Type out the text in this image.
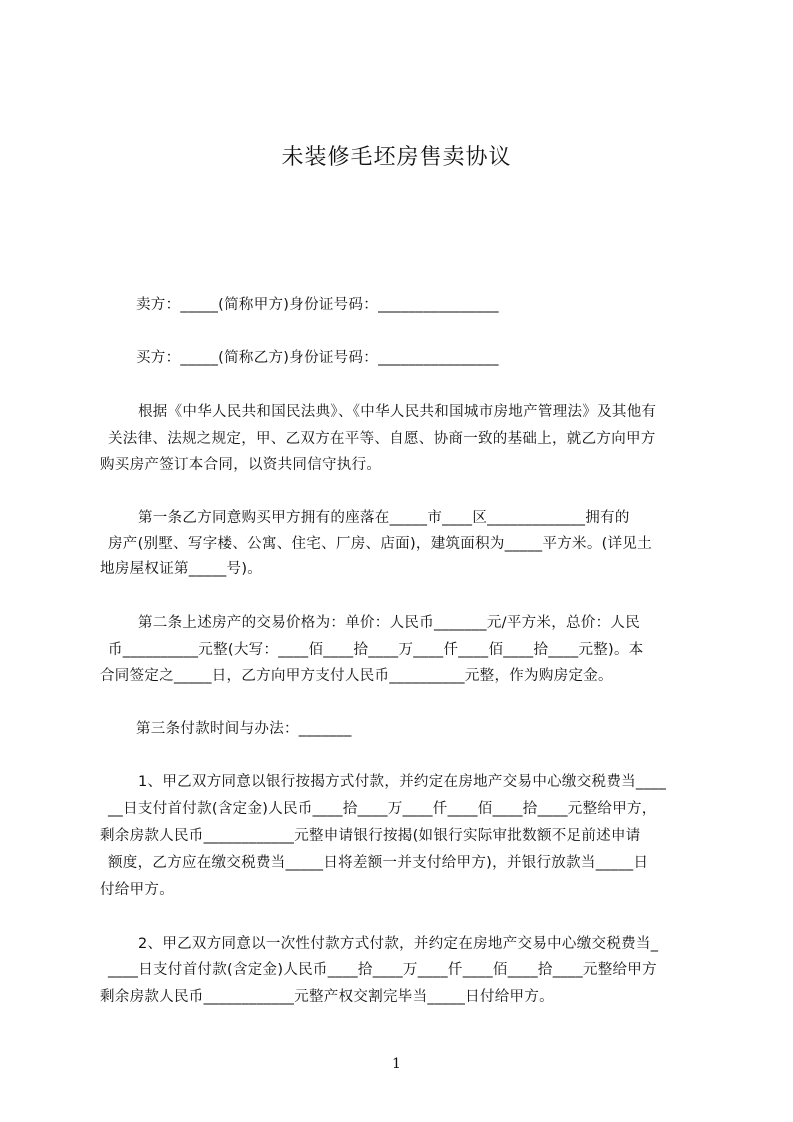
未装修毛坯房售卖协议
卖方：_____(简称甲方)身份证号码：________________
买方：_____(简称乙方)身份证号码：________________
根据《中华人民共和国民法典》、《中华人民共和国城市房地产管理法》及其他有
关法律、法规之规定，甲、乙双方在平等、自愿、协商一致的基础上，就乙方向甲方
购买房产签订本合同，以资共同信守执行。
第一条乙方同意购买甲方拥有的座落在_____市____区_____________拥有的
房产(别墅、写字楼、公寓、住宅、厂房、店面)，建筑面积为_____平方米。(详见土
地房屋权证第_____号)。
第二条上述房产的交易价格为：单价：人民币_______元/平方米，总价：人民
币__________元整(大写：____佰____拾____万____仟____佰____拾____元整)。本
合同签定之_____日，乙方向甲方支付人民币__________元整，作为购房定金。
第三条付款时间与办法：_______
1、甲乙双方同意以银行按揭方式付款，并约定在房地产交易中心缴交税费当____
__日支付首付款(含定金)人民币____拾____万____仟____佰____拾____元整给甲方，
剩余房款人民币____________元整申请银行按揭(如银行实际审批数额不足前述申请
额度，乙方应在缴交税费当_____日将差额一并支付给甲方)，并银行放款当_____日
付给甲方。
2、甲乙双方同意以一次性付款方式付款，并约定在房地产交易中心缴交税费当_
____日支付首付款(含定金)人民币____拾____万____仟____佰____拾____元整给甲方
剩余房款人民币____________元整产权交割完毕当_____日付给甲方。
1
